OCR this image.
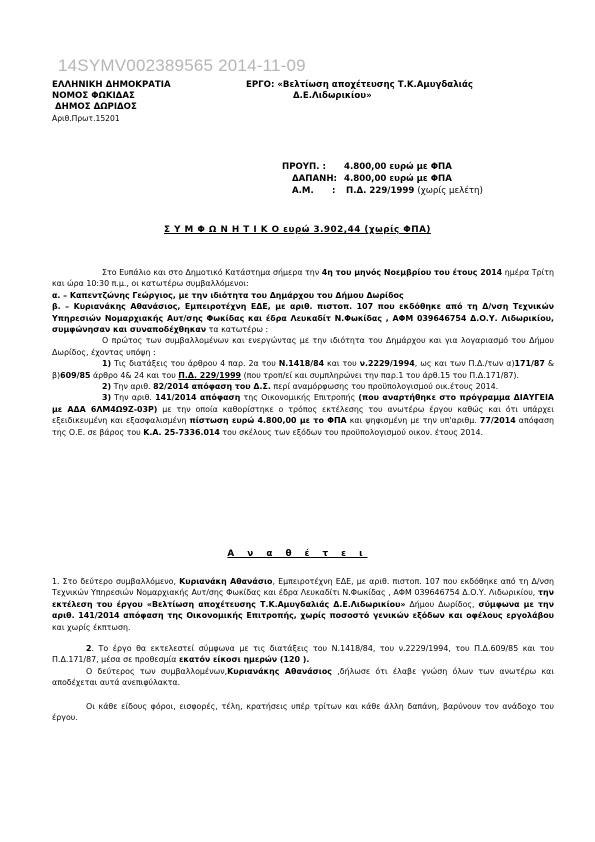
14SYMV002389565 2014-11-09
ΕΛΛΗΝΙΚΗ ΔΗΜΟΚΡΑΤΙΑ
ΝΟΜΟΣ ΦΩΚΙΔΑΣ
ΔΗΜΟΣ ΔΩΡΙΔΟΣ
Αριθ.Πρωτ.15201
ΕΡΓΟ: «Βελτίωση αποχέτευσης Τ.Κ.Αμυγδαλιάς
Δ.Ε.Λιδωρικίου»
ΠΡΟΥΠ. :	4.800,00 ευρώ με ΦΠΑ
ΔΑΠΑΝΗ: 4.800,00 ευρώ με ΦΠΑ
Α.Μ.	:	Π.Δ. 229/1999
(χωρίς μελέτη)
Σ Υ Μ Φ Ω Ν Η Τ Ι Κ Ο ευρώ 3.902,44 (χωρίς ΦΠΑ)

Στο Ευπάλιο και στο Δημοτικό Κατάστημα σήμερα την 4η του μηνός Νοεμβρίου του έτους 2014 ημέρα Τρίτη και ώρα 10:30 π.μ., οι κατωτέρω συμβαλλόμενοι:

α. – Καπεντζώνης Γεώργιος, με την ιδιότητα του Δημάρχου του Δήμου Δωρίδος

β. – Κυριανάκης Αθανάσιος, Εμπειροτέχνη ΕΔΕ, με αριθ. πιστοπ. 107 που εκδόθηκε από τη Δ/νση Τεχνικών Υπηρεσιών Νομαρχιακής Αυτ/σης Φωκίδας και έδρα Λευκαδίτ Ν.Φωκίδας , ΑΦΜ 039646754 Δ.Ο.Υ. Λιδωρικίου, συμφώνησαν και συναποδέχθηκαν τα κατωτέρω :

Ο πρώτος των συμβαλλομένων και ενεργώντας με την ιδιότητα του Δημάρχου και για λογαριασμό του Δήμου Δωρίδος, έχοντας υπόψη :

1) Τις διατάξεις του άρθρου 4 παρ. 2α του Ν.1418/84 και του ν.2229/1994, ως και των Π.Δ./των α)171/87 & β)609/85 άρθρο 4& 24 και του Π.Δ. 229/1999 (που τροπ/εί και συμπληρώνει την παρ.1 του άρθ.15 του Π.Δ.171/87).

2) Την αριθ. 82/2014 απόφαση του Δ.Σ. περί αναμόρφωσης του προϋπολογισμού οικ.έτους 2014.

3) Την αριθ. 141/2014 απόφαση της Οικονομικής Επιτροπής (που αναρτήθηκε στο πρόγραμμα ΔΙΑΥΓΕΙΑ με ΑΔΑ 6ΛΜ4Ω9Ζ-03Ρ) με την οποία καθορίστηκε ο τρόπος εκτέλεσης του ανωτέρω έργου καθώς και ότι υπάρχει εξειδικευμένη και εξασφαλισμένη πίστωση ευρώ 4.800,00 με το ΦΠΑ και ψηφισμένη με την υπ'αριθμ. 77/2014 απόφαση της Ο.Ε. σε βάρος του Κ.Α. 25-7336.014 του σκέλους των εξόδων του προϋπολογισμού οικον. έτους 2014.

Α ν α θ έ τ ε ι

1. Στο δεύτερο συμβαλλόμενο, Κυριανάκη Αθανάσιο, Εμπειροτέχνη ΕΔΕ, με αριθ. πιστοπ. 107 που εκδόθηκε από τη Δ/νση Τεχνικών Υπηρεσιών Νομαρχιακής Αυτ/σης Φωκίδας και έδρα Λευκαδίτι Ν.Φωκίδας , ΑΦΜ 039646754 Δ.Ο.Υ. Λιδωρικίου, την εκτέλεση του έργου «Βελτίωση αποχέτευσης Τ.Κ.Αμυγδαλιάς Δ.Ε.Λιδωρικίου» Δήμου Δωρίδος, σύμφωνα με την αριθ. 141/2014 απόφαση της Οικονομικής Επιτροπής, χωρίς ποσοστό γενικών εξόδων και οφέλους εργολάβου και χωρίς έκπτωση.

2. Το έργο θα εκτελεστεί σύμφωνα με τις διατάξεις του Ν.1418/84, του ν.2229/1994, του Π.Δ.609/85 και του Π.Δ.171/87, μέσα σε προθεσμία εκατόν είκοσι ημερών (120 ).

Ο δεύτερος των συμβαλλομένων,Κυριανάκης Αθανάσιος ,δήλωσε ότι έλαβε γνώση όλων των ανωτέρω και αποδέχεται αυτά ανεπιφύλακτα.

Οι κάθε είδους φόροι, εισφορές, τέλη, κρατήσεις υπέρ τρίτων και κάθε άλλη δαπάνη, βαρύνουν τον ανάδοχο του έργου.
